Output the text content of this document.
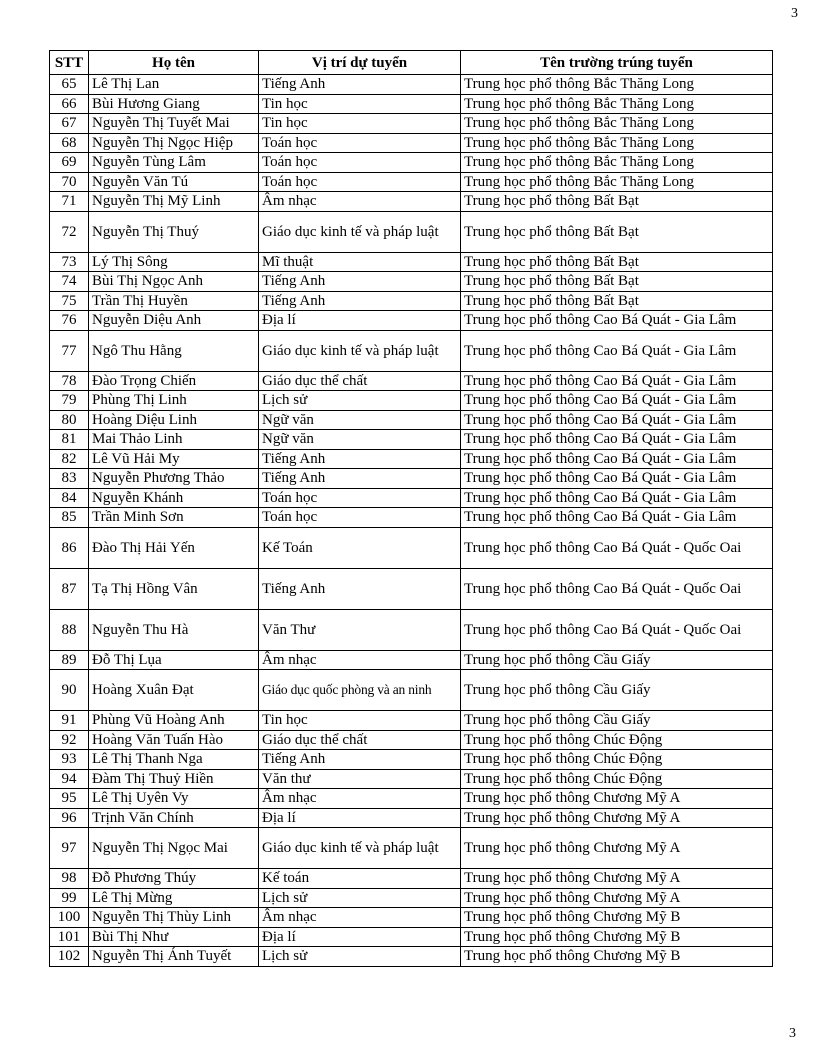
3
STT	Họ tên	Vị trí dự tuyển	Tên trường trúng tuyển
65	Lê Thị Lan	Tiếng Anh	Trung học phổ thông Bắc Thăng Long
66	Bùi Hương Giang	Tin học	Trung học phổ thông Bắc Thăng Long
67	Nguyễn Thị Tuyết Mai	Tin học	Trung học phổ thông Bắc Thăng Long
68	Nguyễn Thị Ngọc Hiệp	Toán học	Trung học phổ thông Bắc Thăng Long
69	Nguyễn Tùng Lâm	Toán học	Trung học phổ thông Bắc Thăng Long
70	Nguyễn Văn Tú	Toán học	Trung học phổ thông Bắc Thăng Long
71	Nguyễn Thị Mỹ Linh	Âm nhạc	Trung học phổ thông Bất Bạt
72	Nguyễn Thị Thuý	Giáo dục kinh tế và pháp luật	Trung học phổ thông Bất Bạt
73	Lý Thị Sông	Mĩ thuật	Trung học phổ thông Bất Bạt
74	Bùi Thị Ngọc Anh	Tiếng Anh	Trung học phổ thông Bất Bạt
75	Trần Thị Huyền	Tiếng Anh	Trung học phổ thông Bất Bạt
76	Nguyễn Diệu Anh	Địa lí	Trung học phổ thông Cao Bá Quát - Gia Lâm
77	Ngô Thu Hằng	Giáo dục kinh tế và pháp luật	Trung học phổ thông Cao Bá Quát - Gia Lâm
78	Đào Trọng Chiến	Giáo dục thể chất	Trung học phổ thông Cao Bá Quát - Gia Lâm
79	Phùng Thị Linh	Lịch sử	Trung học phổ thông Cao Bá Quát - Gia Lâm
80	Hoàng Diệu Linh	Ngữ văn	Trung học phổ thông Cao Bá Quát - Gia Lâm
81	Mai Thảo Linh	Ngữ văn	Trung học phổ thông Cao Bá Quát - Gia Lâm
82	Lê Vũ Hải My	Tiếng Anh	Trung học phổ thông Cao Bá Quát - Gia Lâm
83	Nguyễn Phương Thảo	Tiếng Anh	Trung học phổ thông Cao Bá Quát - Gia Lâm
84	Nguyễn Khánh	Toán học	Trung học phổ thông Cao Bá Quát - Gia Lâm
85	Trần Minh Sơn	Toán học	Trung học phổ thông Cao Bá Quát - Gia Lâm
86	Đào Thị Hải Yến	Kế Toán	Trung học phổ thông Cao Bá Quát - Quốc Oai
87	Tạ Thị Hồng Vân	Tiếng Anh	Trung học phổ thông Cao Bá Quát - Quốc Oai
88	Nguyễn Thu Hà	Văn Thư	Trung học phổ thông Cao Bá Quát - Quốc Oai
89	Đỗ Thị Lụa	Âm nhạc	Trung học phổ thông Cầu Giấy
90	Hoàng Xuân Đạt	Giáo dục quốc phòng và an ninh	Trung học phổ thông Cầu Giấy
91	Phùng Vũ Hoàng Anh	Tin học	Trung học phổ thông Cầu Giấy
92	Hoàng Văn Tuấn Hào	Giáo dục thể chất	Trung học phổ thông Chúc Động
93	Lê Thị Thanh Nga	Tiếng Anh	Trung học phổ thông Chúc Động
94	Đàm Thị Thuỷ Hiền	Văn thư	Trung học phổ thông Chúc Động
95	Lê Thị Uyên Vy	Âm nhạc	Trung học phổ thông Chương Mỹ A
96	Trịnh Văn Chính	Địa lí	Trung học phổ thông Chương Mỹ A
97	Nguyễn Thị Ngọc Mai	Giáo dục kinh tế và pháp luật	Trung học phổ thông Chương Mỹ A
98	Đỗ Phương Thúy	Kế toán	Trung học phổ thông Chương Mỹ A
99	Lê Thị Mừng	Lịch sử	Trung học phổ thông Chương Mỹ A
100	Nguyễn Thị Thùy Linh	Âm nhạc	Trung học phổ thông Chương Mỹ B
101	Bùi Thị Như	Địa lí	Trung học phổ thông Chương Mỹ B
102	Nguyễn Thị Ánh Tuyết	Lịch sử	Trung học phổ thông Chương Mỹ B
3
